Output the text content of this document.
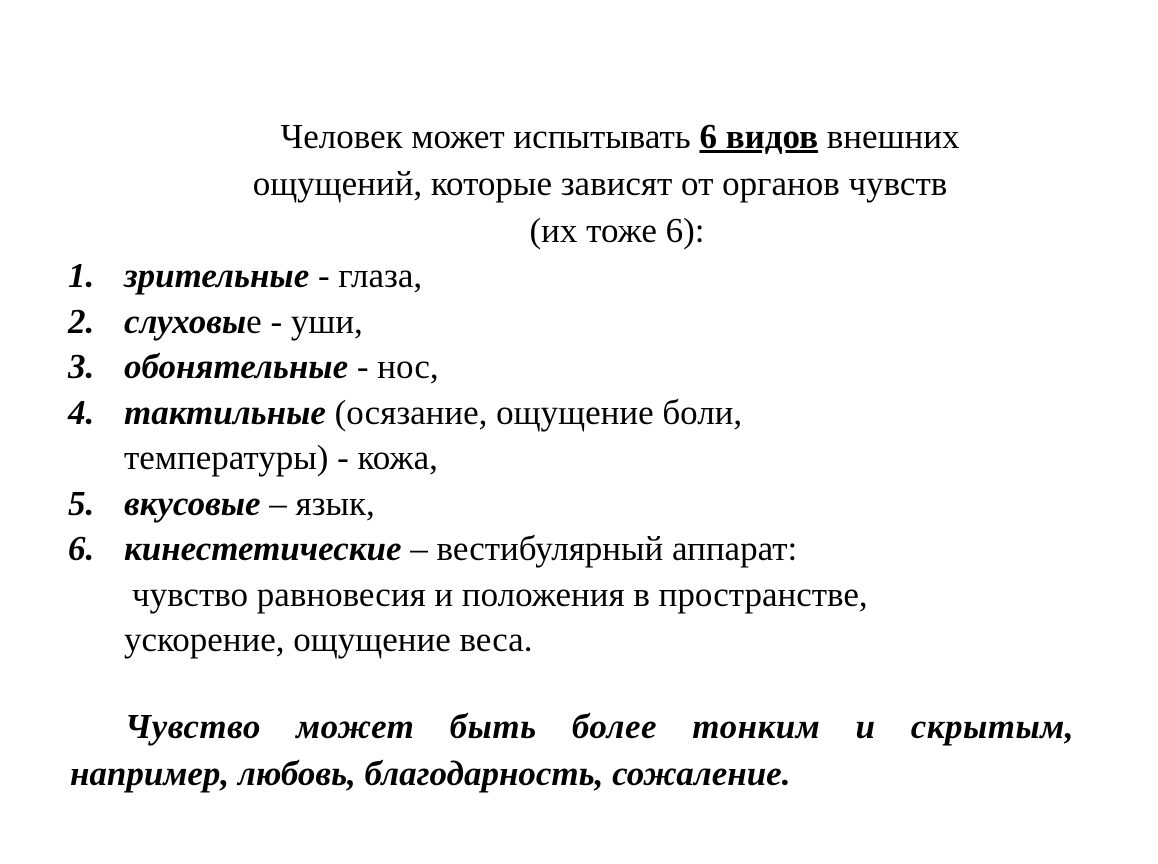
Человек может испытывать 6 видов внешних
ощущений, которые зависят от органов чувств
(их тоже 6):
1. зрительные - глаза,
2. слуховые - уши,
3. обонятельные - нос,
4. тактильные (осязание, ощущение боли,
температуры) - кожа,
5. вкусовые – язык,
6. кинестетические – вестибулярный аппарат:
чувство равновесия и положения в пространстве,
ускорение, ощущение веса.
Чувство может быть более тонким и скрытым,
например, любовь, благодарность, сожаление.
